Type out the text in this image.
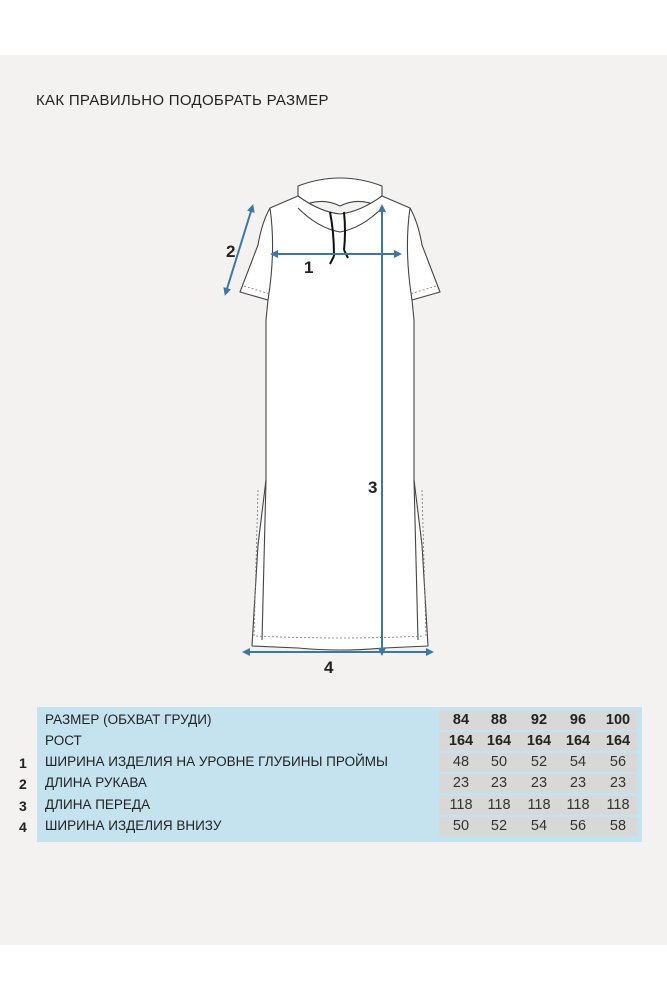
КАК ПРАВИЛЬНО ПОДОБРАТЬ РАЗМЕР
1
2
3
4
РАЗМЕР (ОБХВАТ ГРУДИ)	84	88	92	96	100
РОСТ	164 164	164	164	164
ШИРИНА ИЗДЕЛИЯ НА УРОВНЕ ГЛУБИНЫ ПРОЙМЫ	48	50	52	54	56
ДЛИНА РУКАВА	23	23	23	23	23
ДЛИНА ПЕРЕДА	118	118	118	118	118
ШИРИНА ИЗДЕЛИЯ ВНИЗУ	50	52	54	56	58
1
2
3
4
